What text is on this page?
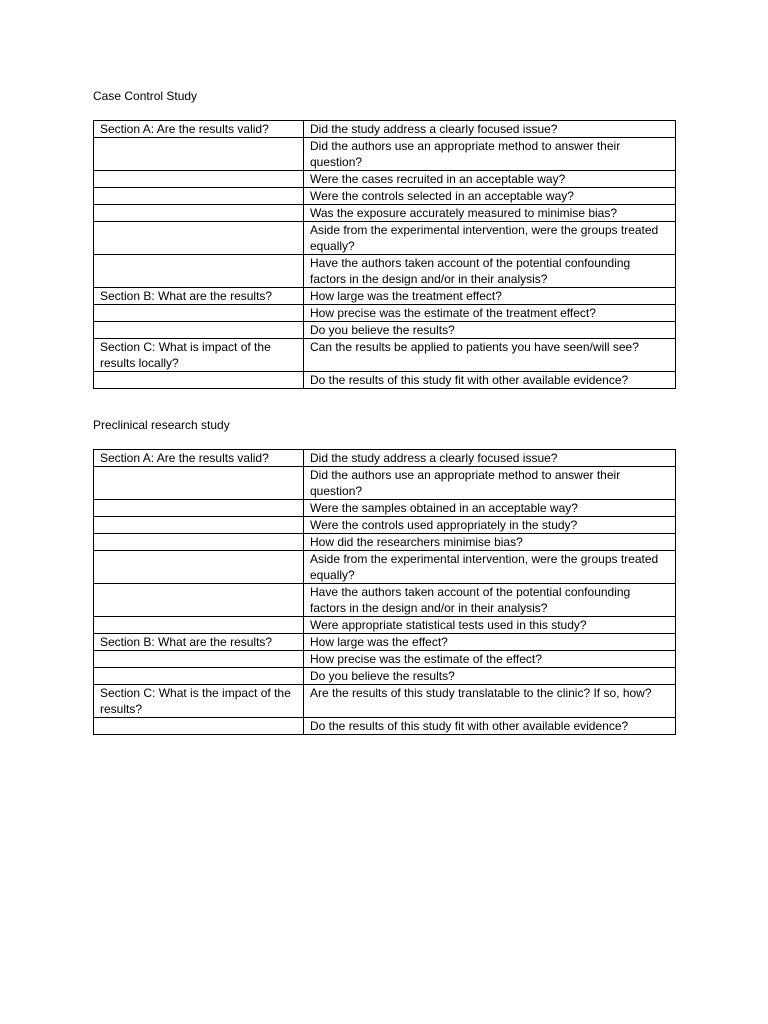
Case Control Study
Section A: Are the results valid?	Did the study address a clearly focused issue?
	Did the authors use an appropriate method to answer their question?
	Were the cases recruited in an acceptable way?
	Were the controls selected in an acceptable way?
	Was the exposure accurately measured to minimise bias?
	Aside from the experimental intervention, were the groups treated equally?
	Have the authors taken account of the potential confounding factors in the design and/or in their analysis?
Section B: What are the results?	How large was the treatment effect?
	How precise was the estimate of the treatment effect?
	Do you believe the results?
Section C: What is impact of the results locally?	Can the results be applied to patients you have seen/will see?
	Do the results of this study fit with other available evidence?
Preclinical research study
Section A: Are the results valid?	Did the study address a clearly focused issue?
	Did the authors use an appropriate method to answer their question?
	Were the samples obtained in an acceptable way?
	Were the controls used appropriately in the study?
	How did the researchers minimise bias?
	Aside from the experimental intervention, were the groups treated equally?
	Have the authors taken account of the potential confounding factors in the design and/or in their analysis?
	Were appropriate statistical tests used in this study?
Section B: What are the results?	How large was the effect?
	How precise was the estimate of the effect?
	Do you believe the results?
Section C: What is the impact of the results?	Are the results of this study translatable to the clinic? If so, how?
	Do the results of this study fit with other available evidence?
